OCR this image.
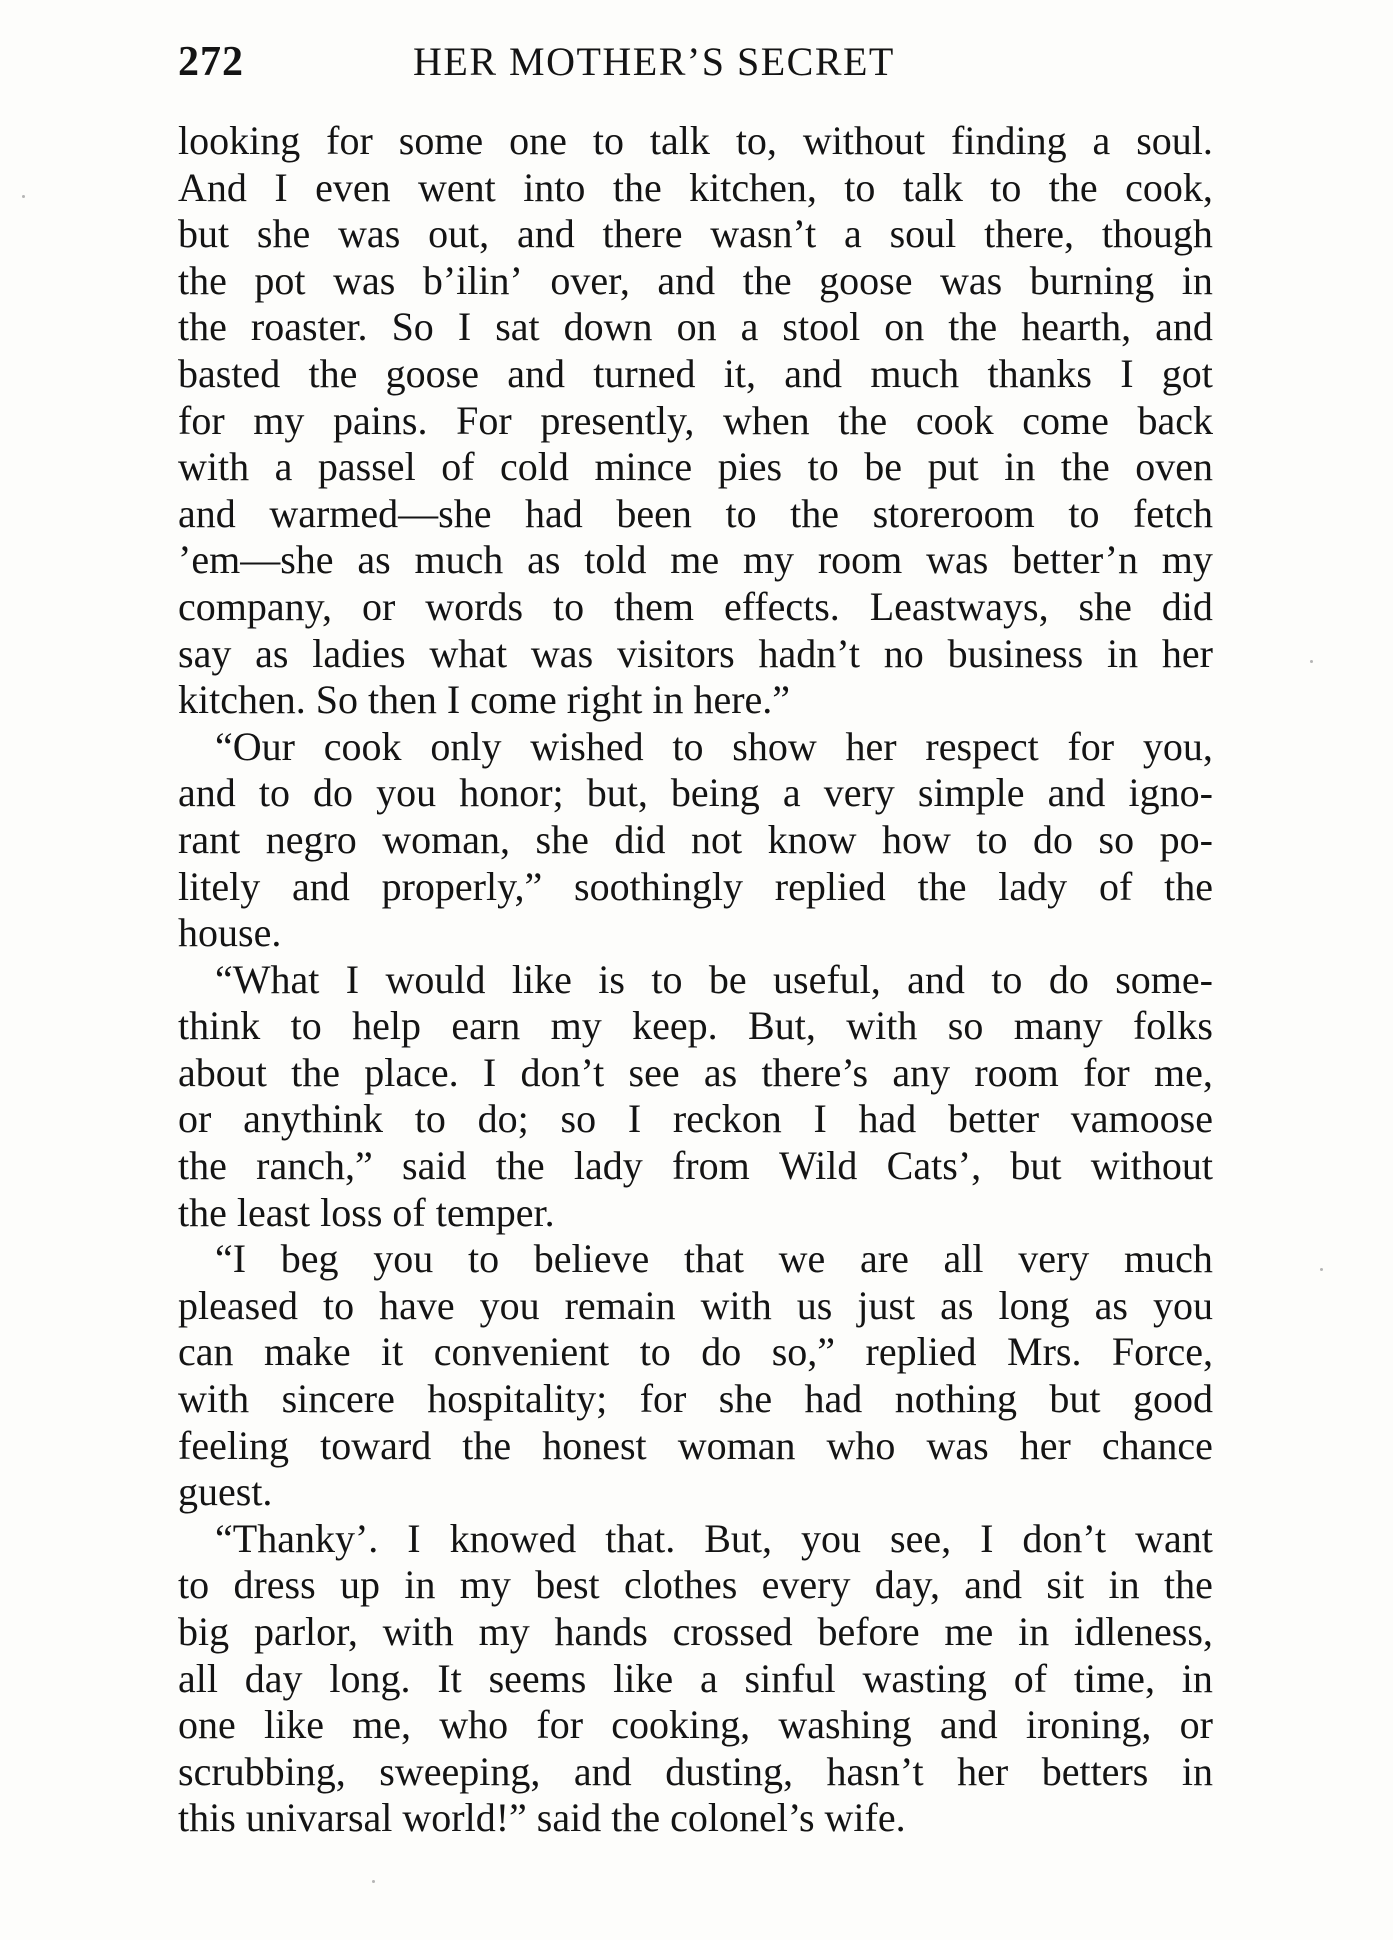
272	HER MOTHER’S SECRET
looking for some one to talk to, without finding a soul.
And I even went into the kitchen, to talk to the cook,
but she was out, and there wasn’t a soul there, though
the pot was b’ilin’ over, and the goose was burning in
the roaster. So I sat down on a stool on the hearth, and
basted the goose and turned it, and much thanks I got
for my pains. For presently, when the cook come back
with a passel of cold mince pies to be put in the oven
and warmed—she had been to the storeroom to fetch
’em—she as much as told me my room was better’n my
company, or words to them effects. Leastways, she did
say as ladies what was visitors hadn’t no business in her
kitchen. So then I come right in here.”
“Our cook only wished to show her respect for you,
and to do you honor; but, being a very simple and igno-
rant negro woman, she did not know how to do so po-
litely and properly,” soothingly replied the lady of the
house.
“What I would like is to be useful, and to do some-
think to help earn my keep. But, with so many folks
about the place. I don’t see as there’s any room for me,
or anythink to do; so I reckon I had better vamoose
the ranch,” said the lady from Wild Cats’, but without
the least loss of temper.
“I beg you to believe that we are all very much
pleased to have you remain with us just as long as you
can make it convenient to do so,” replied Mrs. Force,
with sincere hospitality; for she had nothing but good
feeling toward the honest woman who was her chance
guest.
“Thanky’. I knowed that. But, you see, I don’t want
to dress up in my best clothes every day, and sit in the
big parlor, with my hands crossed before me in idleness,
all day long. It seems like a sinful wasting of time, in
one like me, who for cooking, washing and ironing, or
scrubbing, sweeping, and dusting, hasn’t her betters in
this univarsal world!” said the colonel’s wife.
